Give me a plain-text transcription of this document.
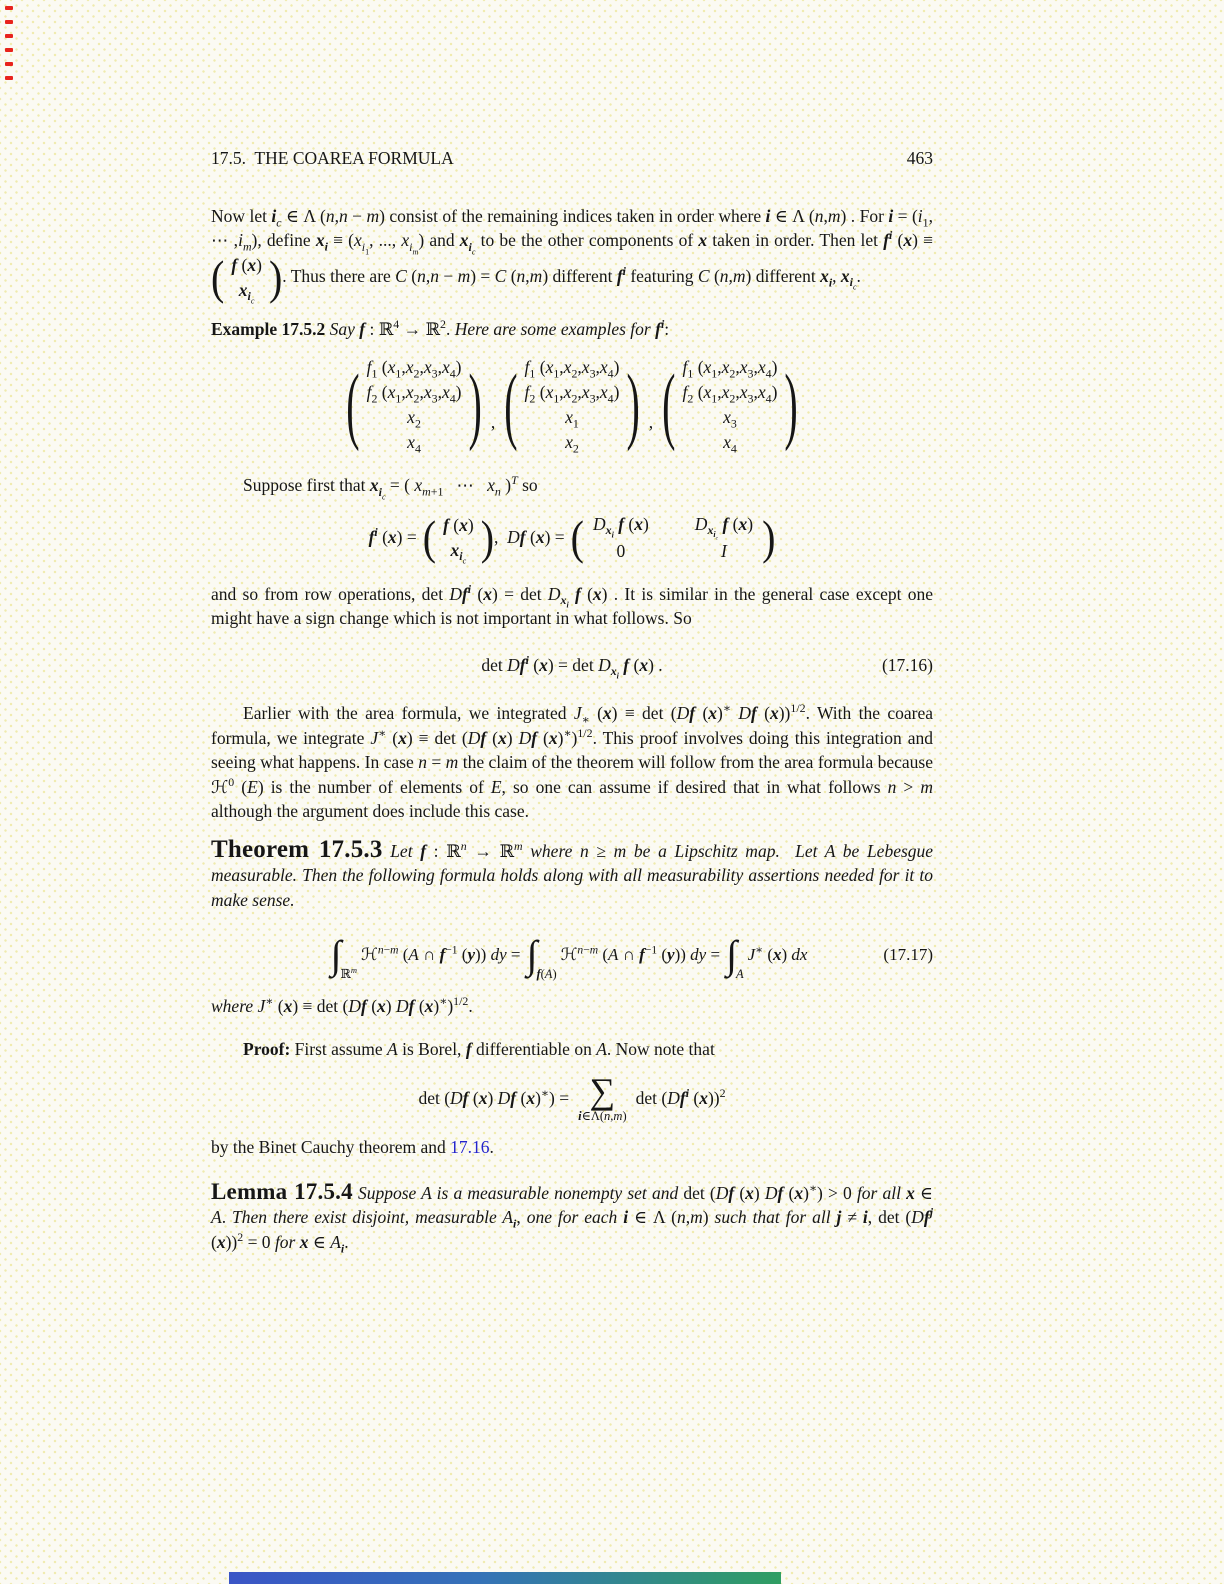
17.5.  THE COAREA FORMULA	463

Now let $i_c$ ∈ Λ (n,n − m) consist of the remaining indices taken in order where i ∈ Λ (n,m) . For $i = (i_1$, ⋯ $,i_m$), define $x_i \equiv (x_{i_1}$, ..., $x_{i_m}$) and $x_{i_c}$ to be the other components of x taken in order. Then let $f^i$ (x) ≡
( f (x)
$x_{i_c}$ ) . Thus there are C (n,n − m) = C (n,m) different $f^i$ featuring C (n,m) different $x_i$, $x_{i_c}$.

Example 17.5.2 Say f : ℝ$^4$ → ℝ$^2$. Here are some examples for $f^i$:

( $f_1$ $(x_1,x_2,x_3,x_4)$
$f_2$ $(x_1,x_2,x_3,x_4)$
$x_2$
$x_4$ ) , ( $f_1$ $(x_1,x_2,x_3,x_4)$
$f_2$ $(x_1,x_2,x_3,x_4)$
$x_1$
$x_2$ ) , ( $f_1$ $(x_1,x_2,x_3,x_4)$
$f_2$ $(x_1,x_2,x_3,x_4)$
$x_3$
$x_4$ )

Suppose first that $x_{i_c}$ = ( $x_{m+1}$   ⋯   $x_n$ )$^T$ so

$f^i$ (x) = ( f (x)
$x_{i_c}$ ) ,  Df (x) = ( $D_{x_i}$ f (x)	$D_{x_{i_c}}$ f (x)
0	I )

and so from row operations, det Df$^i$ $(x) = \det D_{x_i}$ f (x) . It is similar in the general case except one might have a sign change which is not important in what follows. So

det Df$^i$ $(x) = \det D_{x_i}$ f (x) .	(17.16)

Earlier with the area formula, we integrated $J_∗$ (x) ≡ det (Df (x)∗ Df (x))$^{1/2}$. With the coarea formula, we integrate J∗ (x) ≡ det (Df (x) Df (x)∗)$^{1/2}$. This proof involves doing this integration and seeing what happens. In case n = m the claim of the theorem will follow from the area formula because ℋ$^0$ (E) is the number of elements of E, so one can assume if desired that in what follows n > m although the argument does include this case.

Theorem 17.5.3 Let f : ℝ$^n$ → ℝ$^m$ where n ≥ m be a Lipschitz map.  Let A be Lebesgue measurable. Then the following formula holds along with all measurability assertions needed for it to make sense.

∫ ℝ$^m$
ℋ$^{n-m}$ (A ∩ $f^{-1}$ (y)) dy = ∫ f(A)
ℋ$^{n-m}$ (A ∩ $f^{-1}$ (y)) dy = ∫ A
J∗ (x) dx	(17.17)

where J∗ (x) ≡ det (Df (x) Df (x)∗)$^{1/2}$.

Proof: First assume A is Borel, f differentiable on A. Now note that

det (Df (x) Df (x)∗) = ∑
i∈Λ(n,m)
det (Df$^i$ (x))$^2$

by the Binet Cauchy theorem and 17.16.

Lemma 17.5.4 Suppose A is a measurable nonempty set and det (Df (x) Df (x)∗) > 0 for all x ∈ A. Then there exist disjoint, measurable $A_i$, one for each i ∈ Λ (n,m) such that for all j ≠ i, det (Df$^j$ (x))$^2$ = 0 for x ∈ $A_i$.
